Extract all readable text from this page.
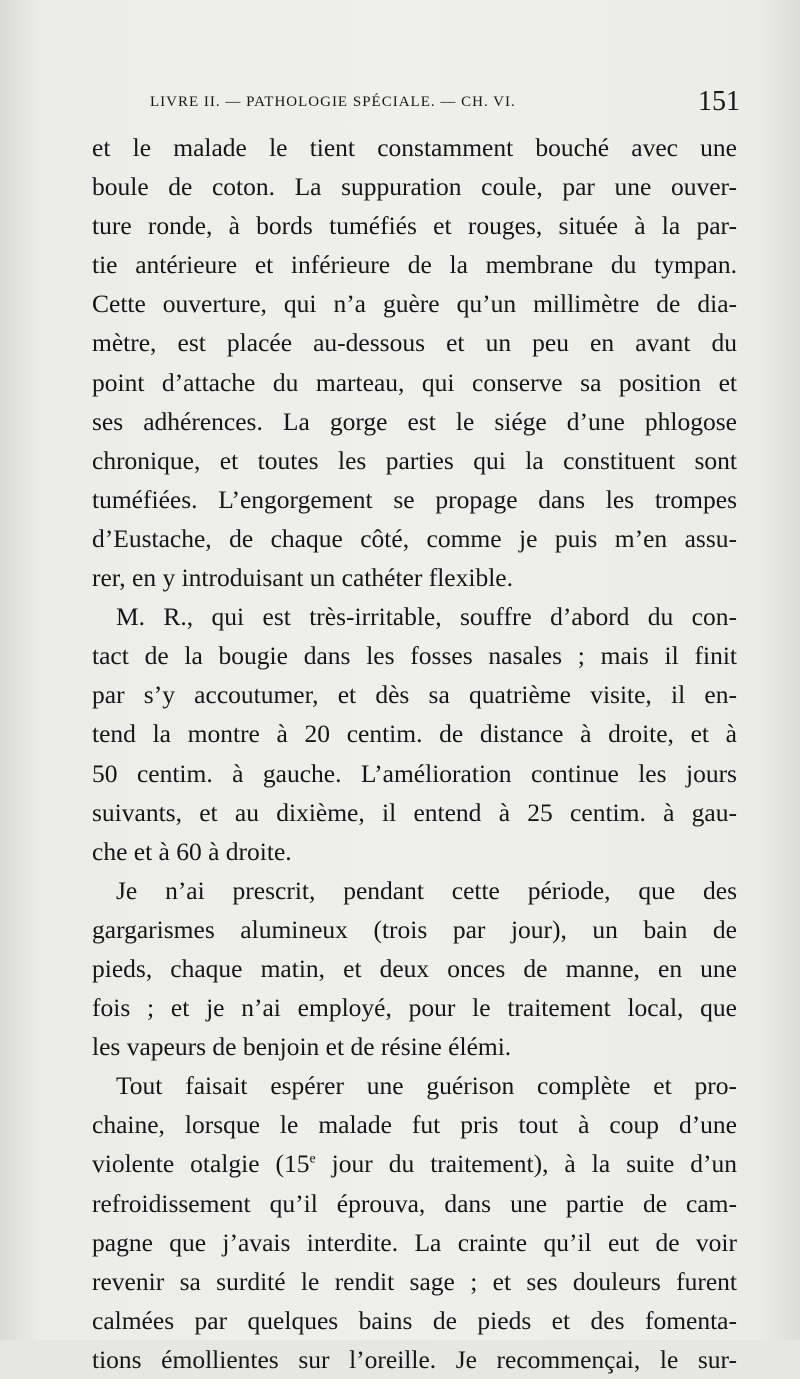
LIVRE II. — PATHOLOGIE SPÉCIALE. — CH. VI.	151
et le malade le tient constamment bouché avec une
boule de coton. La suppuration coule, par une ouver-
ture ronde, à bords tuméfiés et rouges, située à la par-
tie antérieure et inférieure de la membrane du tympan.
Cette ouverture, qui n’a guère qu’un millimètre de dia-
mètre, est placée au-dessous et un peu en avant du
point d’attache du marteau, qui conserve sa position et
ses adhérences. La gorge est le siége d’une phlogose
chronique, et toutes les parties qui la constituent sont
tuméfiées. L’engorgement se propage dans les trompes
d’Eustache, de chaque côté, comme je puis m’en assu-
rer, en y introduisant un cathéter flexible.
M. R., qui est très-irritable, souffre d’abord du con-
tact de la bougie dans les fosses nasales ; mais il finit
par s’y accoutumer, et dès sa quatrième visite, il en-
tend la montre à 20 centim. de distance à droite, et à
50 centim. à gauche. L’amélioration continue les jours
suivants, et au dixième, il entend à 25 centim. à gau-
che et à 60 à droite.
Je n’ai prescrit, pendant cette période, que des
gargarismes alumineux (trois par jour), un bain de
pieds, chaque matin, et deux onces de manne, en une
fois ; et je n’ai employé, pour le traitement local, que
les vapeurs de benjoin et de résine élémi.
Tout faisait espérer une guérison complète et pro-
chaine, lorsque le malade fut pris tout à coup d’une
violente otalgie (15e jour du traitement), à la suite d’un
refroidissement qu’il éprouva, dans une partie de cam-
pagne que j’avais interdite. La crainte qu’il eut de voir
revenir sa surdité le rendit sage ; et ses douleurs furent
calmées par quelques bains de pieds et des fomenta-
tions émollientes sur l’oreille. Je recommençai, le sur-
